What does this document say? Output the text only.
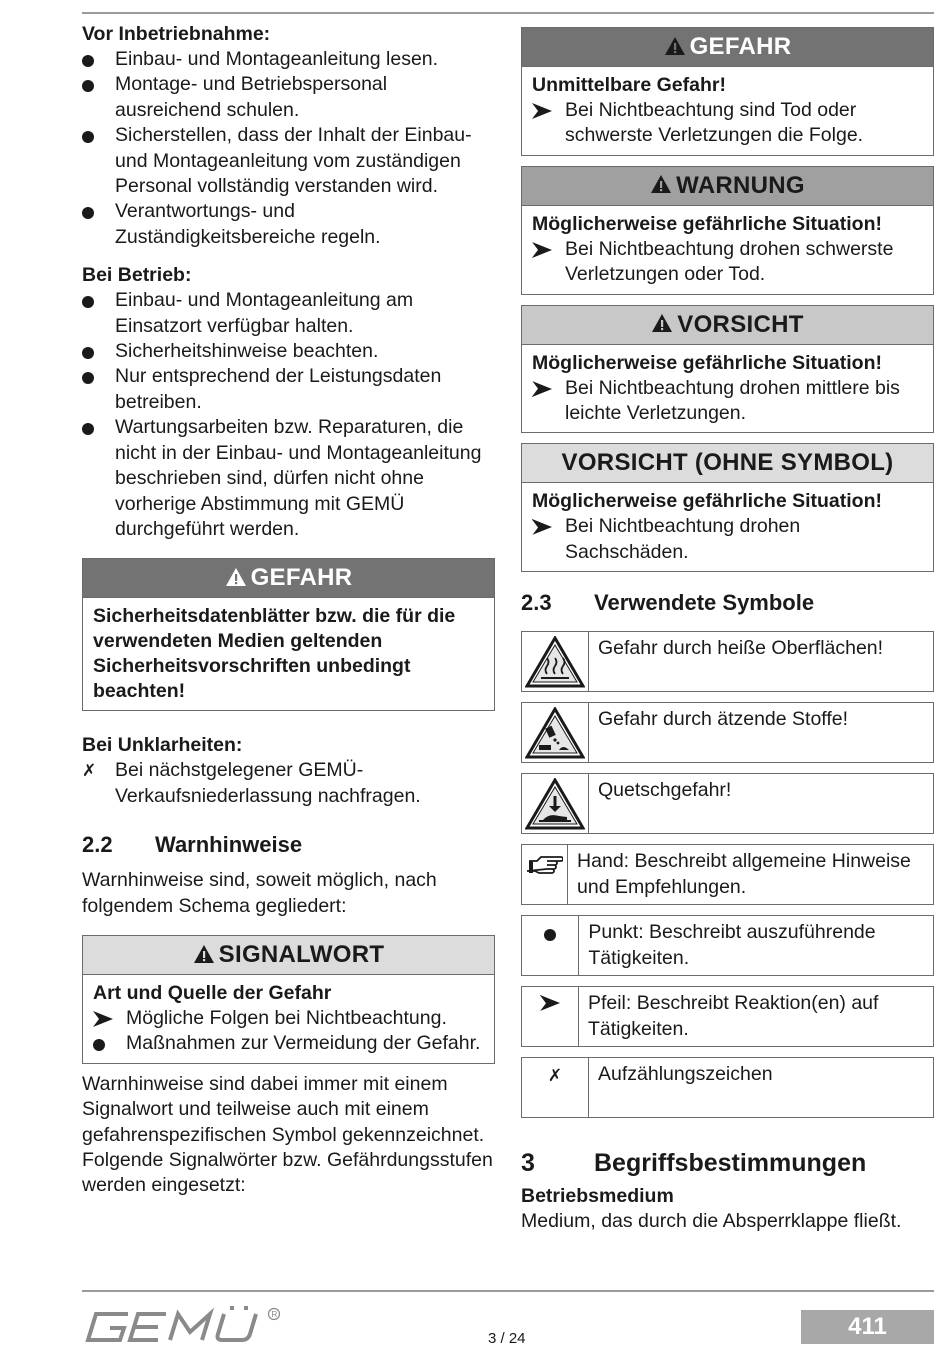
Vor Inbetriebnahme:
Einbau- und Montageanleitung lesen.
Montage- und Betriebspersonal ausreichend schulen.
Sicherstellen, dass der Inhalt der Einbau- und Montageanleitung vom zuständigen Personal vollständig verstanden wird.
Verantwortungs- und Zuständigkeitsbereiche regeln.
Bei Betrieb:
Einbau- und Montageanleitung am Einsatzort verfügbar halten.
Sicherheitshinweise beachten.
Nur entsprechend der Leistungsdaten betreiben.
Wartungsarbeiten bzw. Reparaturen, die nicht in der Einbau- und Montageanleitung beschrieben sind, dürfen nicht ohne vorherige Abstimmung mit GEMÜ durchgeführt werden.
GEFAHR
Sicherheitsdatenblätter bzw. die für die verwendeten Medien geltenden Sicherheitsvorschriften unbedingt beachten!
Bei Unklarheiten:
✗ Bei nächstgelegener GEMÜ-Verkaufsniederlassung nachfragen.
2.2 Warnhinweise

Warnhinweise sind, soweit möglich, nach folgendem Schema gegliedert:

SIGNALWORT
Art und Quelle der Gefahr
Mögliche Folgen bei Nichtbeachtung.
Maßnahmen zur Vermeidung der Gefahr.

Warnhinweise sind dabei immer mit einem Signalwort und teilweise auch mit einem gefahrenspezifischen Symbol gekennzeichnet. Folgende Signalwörter bzw. Gefährdungsstufen werden eingesetzt:

GEFAHR
Unmittelbare Gefahr!
Bei Nichtbeachtung sind Tod oder schwerste Verletzungen die Folge.
WARNUNG
Möglicherweise gefährliche Situation!
Bei Nichtbeachtung drohen schwerste Verletzungen oder Tod.
VORSICHT
Möglicherweise gefährliche Situation!
Bei Nichtbeachtung drohen mittlere bis leichte Verletzungen.
VORSICHT (OHNE SYMBOL)
Möglicherweise gefährliche Situation!
Bei Nichtbeachtung drohen Sachschäden.
2.3 Verwendete Symbole
Gefahr durch heiße Oberflächen!
Gefahr durch ätzende Stoffe!
Quetschgefahr!
Hand: Beschreibt allgemeine Hinweise und Empfehlungen.
Punkt: Beschreibt auszuführende Tätigkeiten.
Pfeil: Beschreibt Reaktion(en) auf Tätigkeiten.
✗	Aufzählungszeichen
3 Begriffsbestimmungen
Betriebsmedium

Medium, das durch die Absperrklappe fließt.

R
3 / 24	411
